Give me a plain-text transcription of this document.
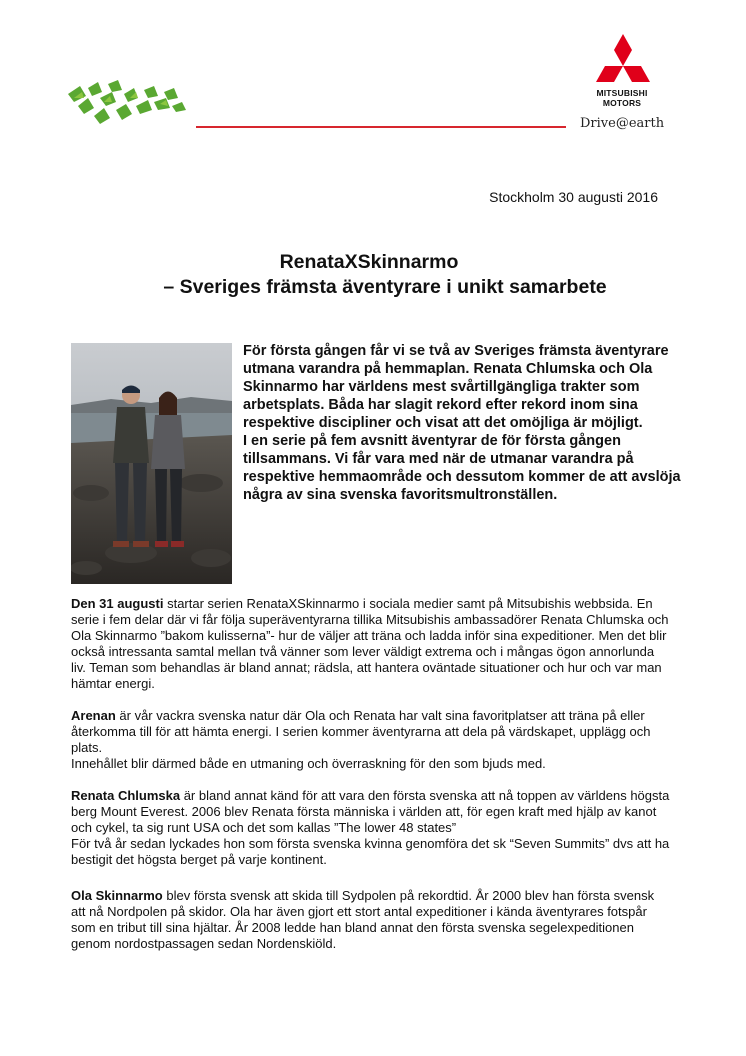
MITSUBISHI
MOTORS
Drive@earth
Stockholm 30 augusti 2016
RenataXSkinnarmo
– Sveriges främsta äventyrare i unikt samarbete

För första gången får vi se två av Sveriges främsta äventyrare utmana varandra på hemmaplan. Renata Chlumska och Ola Skinnarmo har världens mest svårtillgängliga trakter som arbetsplats. Båda har slagit rekord efter rekord inom sina respektive discipliner och visat att det omöjliga är möjligt.

I en serie på fem avsnitt äventyrar de för första gången tillsammans. Vi får vara med när de utmanar varandra på respektive hemmaområde och dessutom kommer de att avslöja några av sina svenska favoritsmultronställen.

Den 31 augusti startar serien RenataXSkinnarmo i sociala medier samt på Mitsubishis webbsida. En serie i fem delar där vi får följa superäventyrarna tillika Mitsubishis ambassadörer Renata Chlumska och Ola Skinnarmo ”bakom kulisserna”- hur de väljer att träna och ladda inför sina expeditioner. Men det blir också intressanta samtal mellan två vänner som lever väldigt extrema och i mångas ögon annorlunda liv. Teman som behandlas är bland annat; rädsla, att hantera oväntade situationer och hur och var man hämtar energi.

Arenan är vår vackra svenska natur där Ola och Renata har valt sina favoritplatser att träna på eller återkomma till för att hämta energi. I serien kommer äventyrarna att dela på värdskapet, upplägg och plats.
Innehållet blir därmed både en utmaning och överraskning för den som bjuds med.

Renata Chlumska är bland annat känd för att vara den första svenska att nå toppen av världens högsta berg Mount Everest. 2006 blev Renata första människa i världen att, för egen kraft med hjälp av kanot och cykel, ta sig runt USA och det som kallas ”The lower 48 states”
För två år sedan lyckades hon som första svenska kvinna genomföra det sk “Seven Summits” dvs att ha bestigit det högsta berget på varje kontinent.

Ola Skinnarmo blev första svensk att skida till Sydpolen på rekordtid. År 2000 blev han första svensk att nå Nordpolen på skidor. Ola har även gjort ett stort antal expeditioner i kända äventyrares fotspår som en tribut till sina hjältar. År 2008 ledde han bland annat den första svenska segelexpeditionen genom nordostpassagen sedan Nordenskiöld.
